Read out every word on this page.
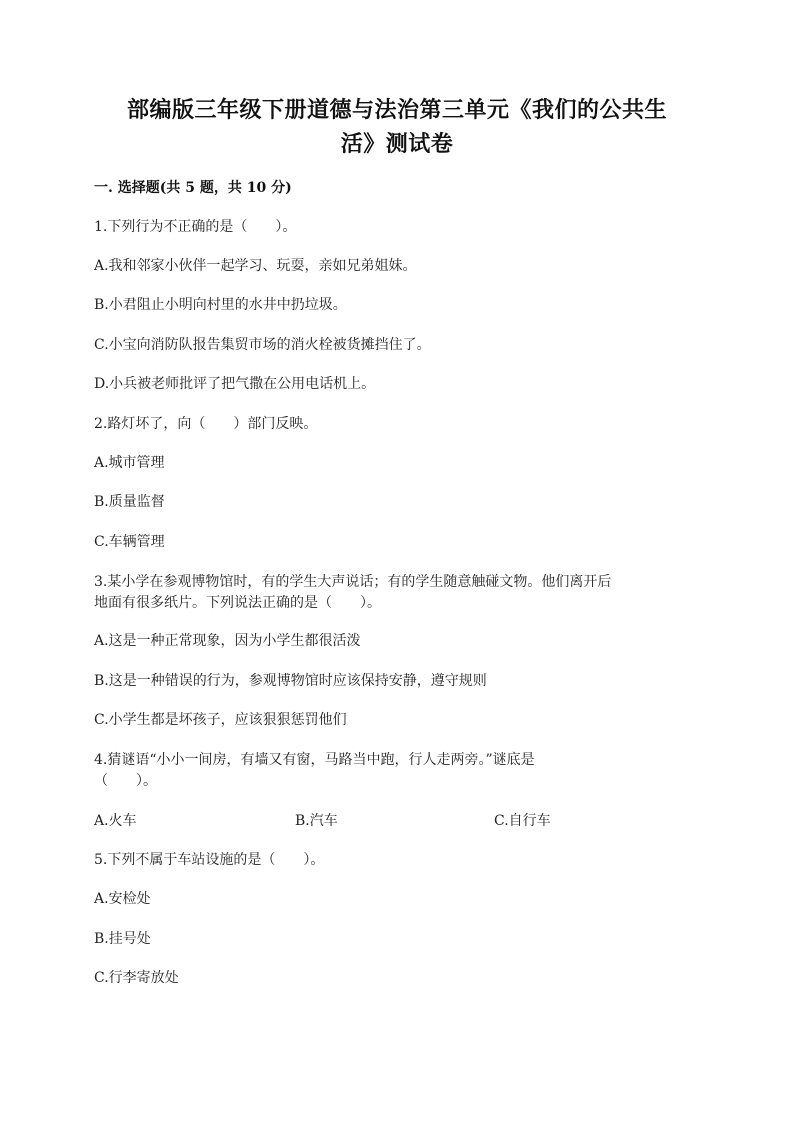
部编版三年级下册道德与法治第三单元《我们的公共生
活》测试卷
一. 选择题(共 5 题，共 10 分)
1.下列行为不正确的是（　　）。
A.我和邻家小伙伴一起学习、玩耍，亲如兄弟姐妹。
B.小君阻止小明向村里的水井中扔垃圾。
C.小宝向消防队报告集贸市场的消火栓被货摊挡住了。
D.小兵被老师批评了把气撒在公用电话机上。
2.路灯坏了，向（　　）部门反映。
A.城市管理
B.质量监督
C.车辆管理
3.某小学在参观博物馆时，有的学生大声说话；有的学生随意触碰文物。他们离开后
地面有很多纸片。下列说法正确的是（　　）。
A.这是一种正常现象，因为小学生都很活泼
B.这是一种错误的行为，参观博物馆时应该保持安静，遵守规则
C.小学生都是坏孩子，应该狠狠惩罚他们
4.猜谜语“小小一间房，有墙又有窗，马路当中跑，行人走两旁。”谜底是
（　　）。
A.火车	B.汽车	C.自行车
5.下列不属于车站设施的是（　　）。
A.安检处
B.挂号处
C.行李寄放处
